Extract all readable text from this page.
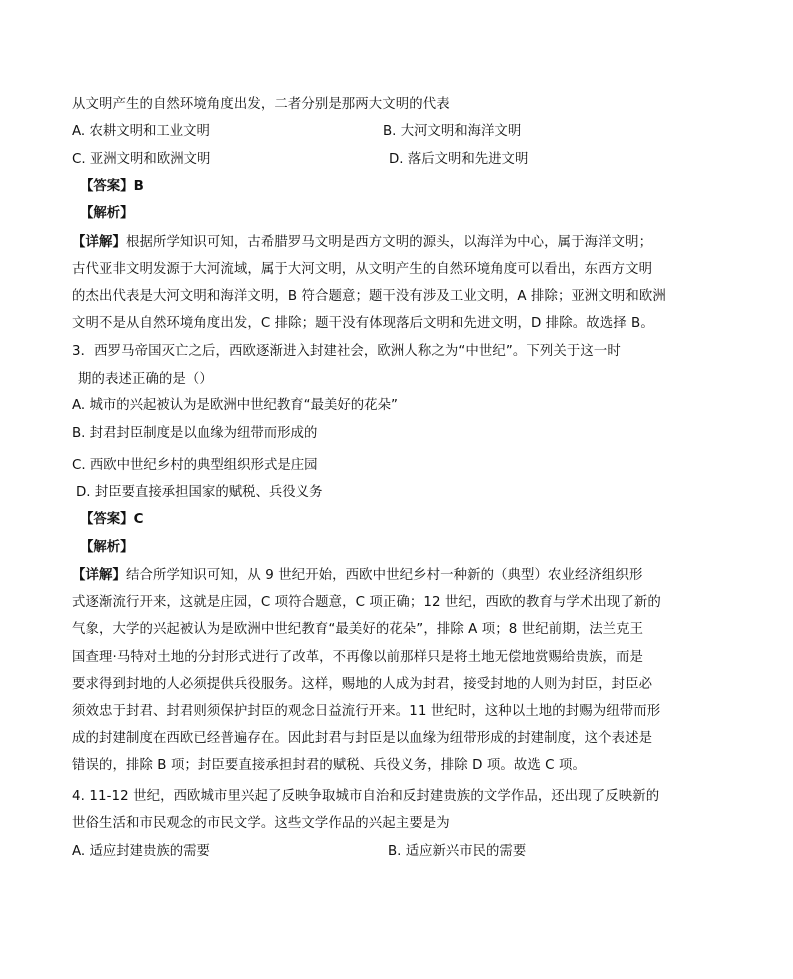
从文明产生的自然环境角度出发，二者分别是那两大文明的代表
A. 农耕文明和工业文明	B. 大河文明和海洋文明
C. 亚洲文明和欧洲文明	D. 落后文明和先进文明
【答案】B
【解析】
【详解】根据所学知识可知，古希腊罗马文明是西方文明的源头，以海洋为中心，属于海洋文明；
古代亚非文明发源于大河流域，属于大河文明，从文明产生的自然环境角度可以看出，东西方文明
的杰出代表是大河文明和海洋文明，B 符合题意；题干没有涉及工业文明，A 排除；亚洲文明和欧洲
文明不是从自然环境角度出发，C 排除；题干没有体现落后文明和先进文明，D 排除。故选择 B。
3．西罗马帝国灭亡之后，西欧逐渐进入封建社会，欧洲人称之为“中世纪”。下列关于这一时
期的表述正确的是（）
A. 城市的兴起被认为是欧洲中世纪教育“最美好的花朵”
B. 封君封臣制度是以血缘为纽带而形成的
C. 西欧中世纪乡村的典型组织形式是庄园
D. 封臣要直接承担国家的赋税、兵役义务
【答案】C
【解析】
【详解】结合所学知识可知，从 9 世纪开始，西欧中世纪乡村一种新的（典型）农业经济组织形
式逐渐流行开来，这就是庄园，C 项符合题意，C 项正确；12 世纪，西欧的教育与学术出现了新的
气象，大学的兴起被认为是欧洲中世纪教育“最美好的花朵”，排除 A 项；8 世纪前期，法兰克王
国查理·马特对土地的分封形式进行了改革，不再像以前那样只是将土地无偿地赏赐给贵族，而是
要求得到封地的人必须提供兵役服务。这样，赐地的人成为封君，接受封地的人则为封臣，封臣必
须效忠于封君、封君则须保护封臣的观念日益流行开来。11 世纪时，这种以土地的封赐为纽带而形
成的封建制度在西欧已经普遍存在。因此封君与封臣是以血缘为纽带形成的封建制度，这个表述是
错误的，排除 B 项；封臣要直接承担封君的赋税、兵役义务，排除 D 项。故选 C 项。
4. 11-12 世纪，西欧城市里兴起了反映争取城市自治和反封建贵族的文学作品，还出现了反映新的
世俗生活和市民观念的市民文学。这些文学作品的兴起主要是为
A. 适应封建贵族的需要	B. 适应新兴市民的需要
